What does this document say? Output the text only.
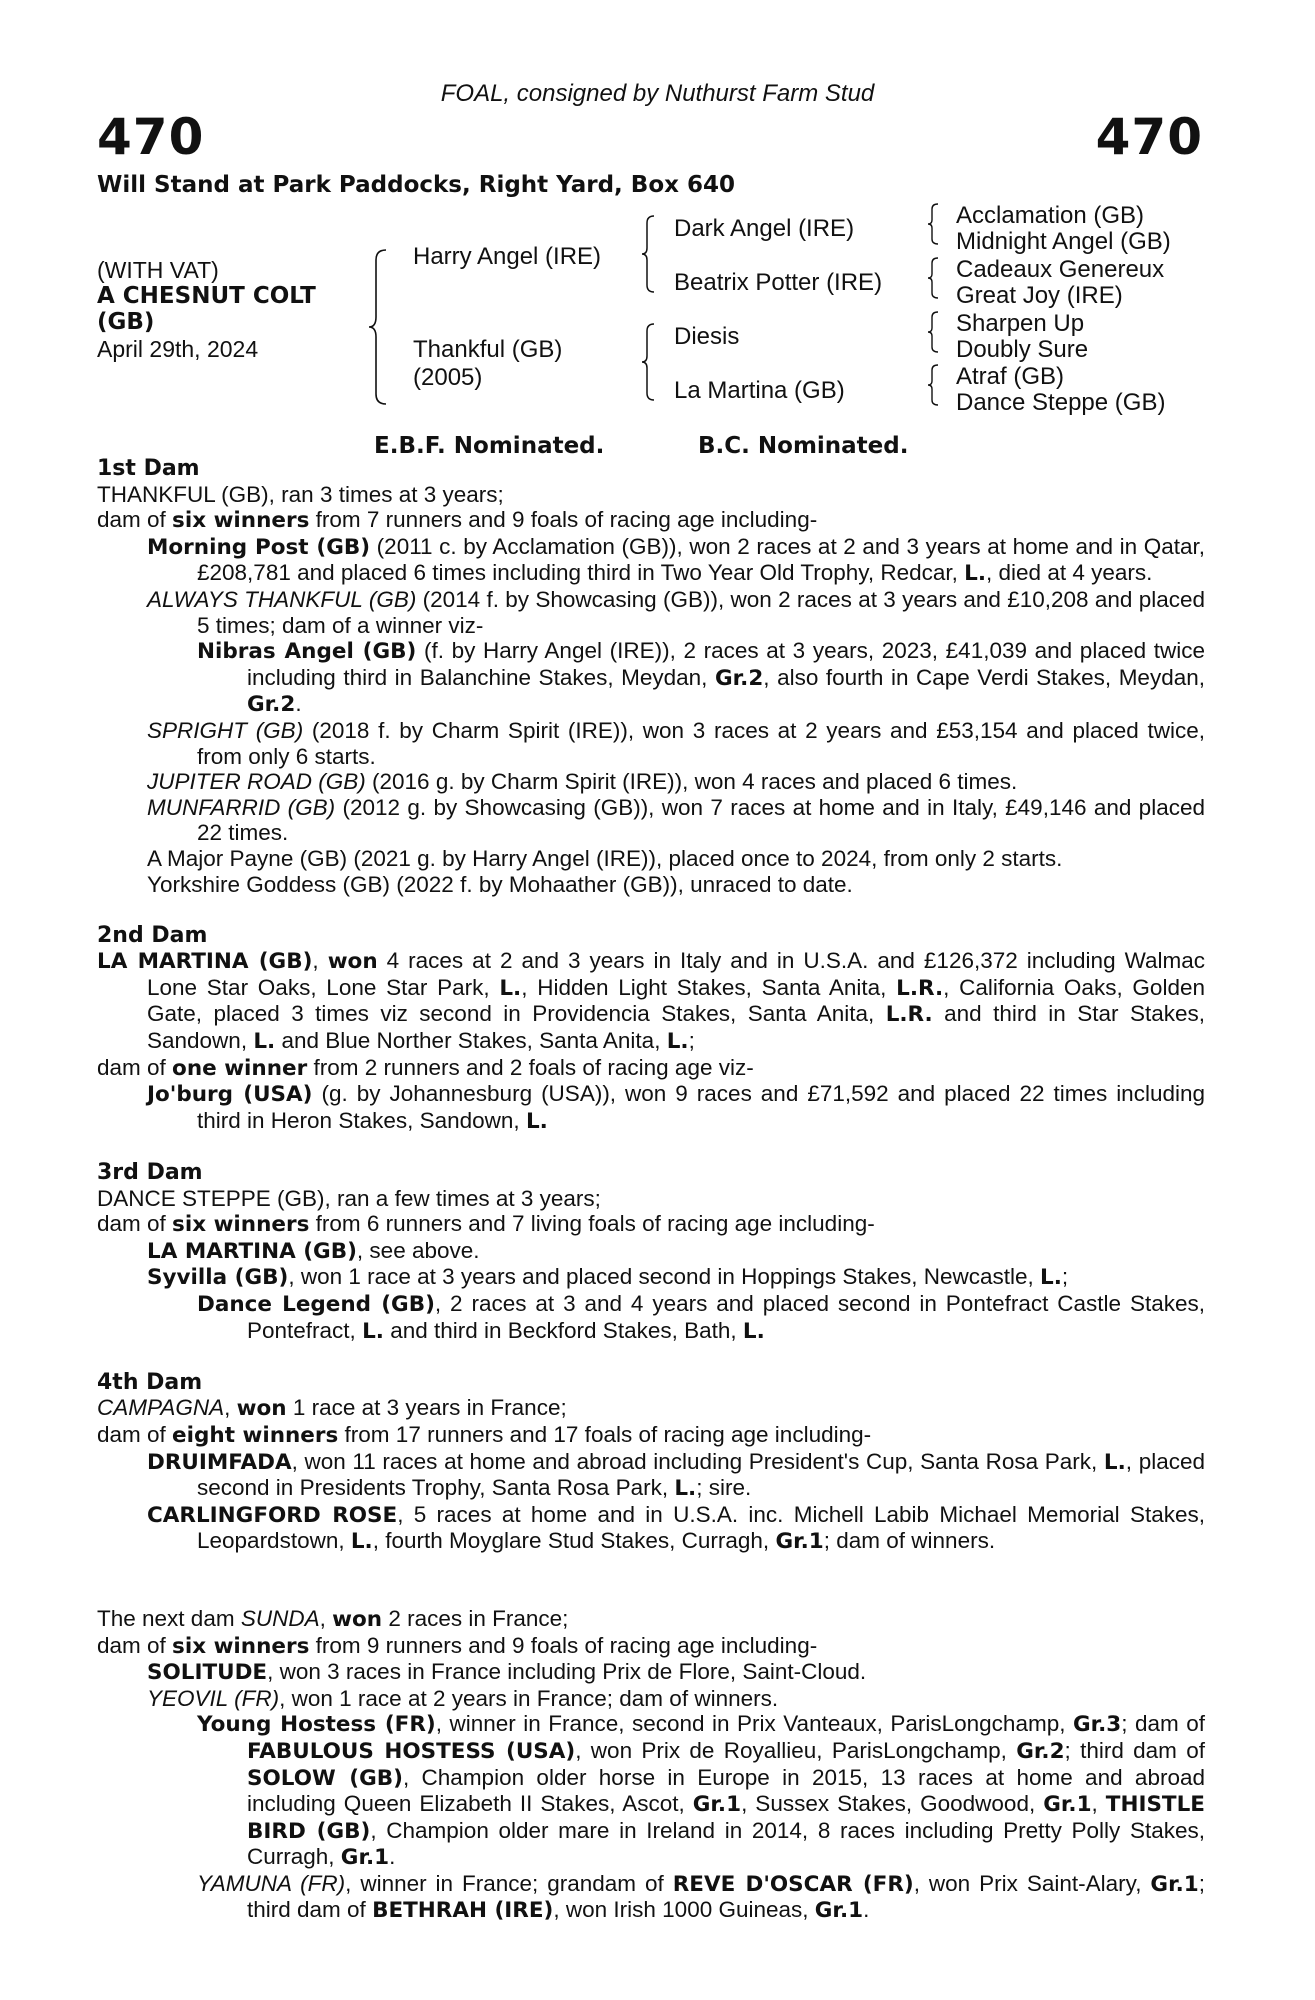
FOAL, consigned by Nuthurst Farm Stud
470	470
Will Stand at Park Paddocks, Right Yard, Box 640
(WITH VAT)
A CHESNUT COLT
(GB)
April 29th, 2024
Harry Angel (IRE)
Thankful (GB)
(2005)
Dark Angel (IRE)
Beatrix Potter (IRE)
Diesis
La Martina (GB)
Acclamation (GB)
Midnight Angel (GB)
Cadeaux Genereux
Great Joy (IRE)
Sharpen Up
Doubly Sure
Atraf (GB)
Dance Steppe (GB)
E.B.F. Nominated.	B.C. Nominated.
1st Dam
THANKFUL (GB), ran 3 times at 3 years;
dam of six winners from 7 runners and 9 foals of racing age including-
Morning Post (GB) (2011 c. by Acclamation (GB)), won 2 races at 2 and 3 years at home and in Qatar, £208,781 and placed 6 times including third in Two Year Old Trophy, Redcar, L., died at 4 years.
ALWAYS THANKFUL (GB) (2014 f. by Showcasing (GB)), won 2 races at 3 years and £10,208 and placed 5 times; dam of a winner viz-
Nibras Angel (GB) (f. by Harry Angel (IRE)), 2 races at 3 years, 2023, £41,039 and placed twice including third in Balanchine Stakes, Meydan, Gr.2, also fourth in Cape Verdi Stakes, Meydan, Gr.2.
SPRIGHT (GB) (2018 f. by Charm Spirit (IRE)), won 3 races at 2 years and £53,154 and placed twice, from only 6 starts.
JUPITER ROAD (GB) (2016 g. by Charm Spirit (IRE)), won 4 races and placed 6 times.
MUNFARRID (GB) (2012 g. by Showcasing (GB)), won 7 races at home and in Italy, £49,146 and placed 22 times.
A Major Payne (GB) (2021 g. by Harry Angel (IRE)), placed once to 2024, from only 2 starts.
Yorkshire Goddess (GB) (2022 f. by Mohaather (GB)), unraced to date.
2nd Dam
LA MARTINA (GB), won 4 races at 2 and 3 years in Italy and in U.S.A. and £126,372 including Walmac Lone Star Oaks, Lone Star Park, L., Hidden Light Stakes, Santa Anita, L.R., California Oaks, Golden Gate, placed 3 times viz second in Providencia Stakes, Santa Anita, L.R. and third in Star Stakes, Sandown, L. and Blue Norther Stakes, Santa Anita, L.;
dam of one winner from 2 runners and 2 foals of racing age viz-
Jo'burg (USA) (g. by Johannesburg (USA)), won 9 races and £71,592 and placed 22 times including third in Heron Stakes, Sandown, L.
3rd Dam
DANCE STEPPE (GB), ran a few times at 3 years;
dam of six winners from 6 runners and 7 living foals of racing age including-
LA MARTINA (GB), see above.
Syvilla (GB), won 1 race at 3 years and placed second in Hoppings Stakes, Newcastle, L.;
Dance Legend (GB), 2 races at 3 and 4 years and placed second in Pontefract Castle Stakes, Pontefract, L. and third in Beckford Stakes, Bath, L.
4th Dam
CAMPAGNA, won 1 race at 3 years in France;
dam of eight winners from 17 runners and 17 foals of racing age including-
DRUIMFADA, won 11 races at home and abroad including President's Cup, Santa Rosa Park, L., placed second in Presidents Trophy, Santa Rosa Park, L.; sire.
CARLINGFORD ROSE, 5 races at home and in U.S.A. inc. Michell Labib Michael Memorial Stakes, Leopardstown, L., fourth Moyglare Stud Stakes, Curragh, Gr.1; dam of winners.
The next dam SUNDA, won 2 races in France;
dam of six winners from 9 runners and 9 foals of racing age including-
SOLITUDE, won 3 races in France including Prix de Flore, Saint-Cloud.
YEOVIL (FR), won 1 race at 2 years in France; dam of winners.
Young Hostess (FR), winner in France, second in Prix Vanteaux, ParisLongchamp, Gr.3; dam of FABULOUS HOSTESS (USA), won Prix de Royallieu, ParisLongchamp, Gr.2; third dam of SOLOW (GB), Champion older horse in Europe in 2015, 13 races at home and abroad including Queen Elizabeth II Stakes, Ascot, Gr.1, Sussex Stakes, Goodwood, Gr.1, THISTLE BIRD (GB), Champion older mare in Ireland in 2014, 8 races including Pretty Polly Stakes, Curragh, Gr.1.
YAMUNA (FR), winner in France; grandam of REVE D'OSCAR (FR), won Prix Saint-Alary, Gr.1; third dam of BETHRAH (IRE), won Irish 1000 Guineas, Gr.1.
